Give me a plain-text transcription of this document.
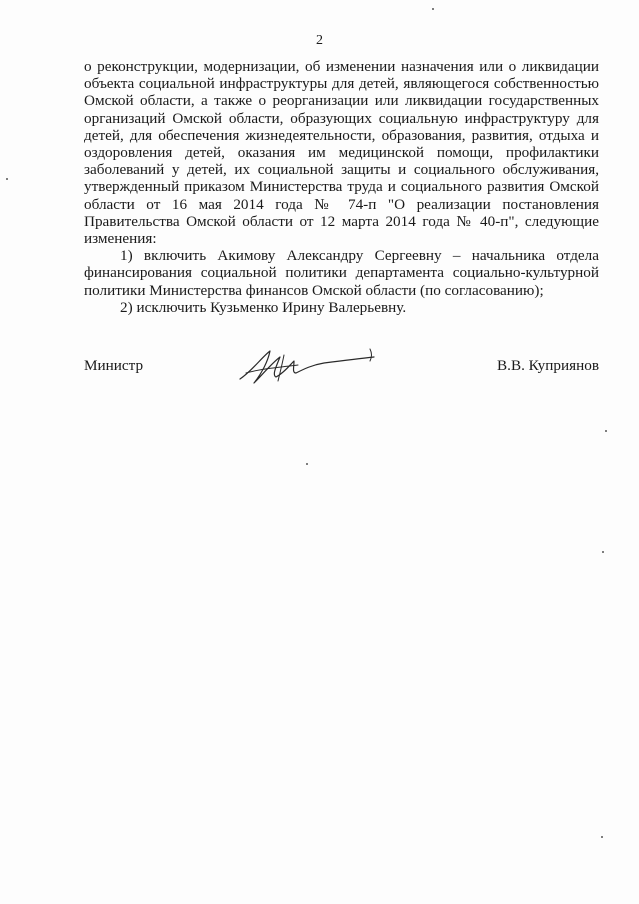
2

о реконструкции, модернизации, об изменении назначения или о ликвидации объекта социальной инфраструктуры для детей, являющегося собственностью Омской области, а также о реорганизации или ликвидации государственных организаций Омской области, образующих социальную инфраструктуру для детей, для обеспечения жизнедеятельности, образования, развития, отдыха и оздоровления детей, оказания им медицинской помощи, профилактики заболеваний у детей, их социальной защиты и социального обслуживания, утвержденный приказом Министерства труда и социального развития Омской области от 16 мая 2014 года № 74-п "О реализации постановления Правительства Омской области от 12 марта 2014 года № 40-п", следующие изменения:

1) включить Акимову Александру Сергеевну – начальника отдела финансирования социальной политики департамента социально-культурной политики Министерства финансов Омской области (по согласованию);

2) исключить Кузьменко Ирину Валерьевну.

Министр	В.В. Куприянов
